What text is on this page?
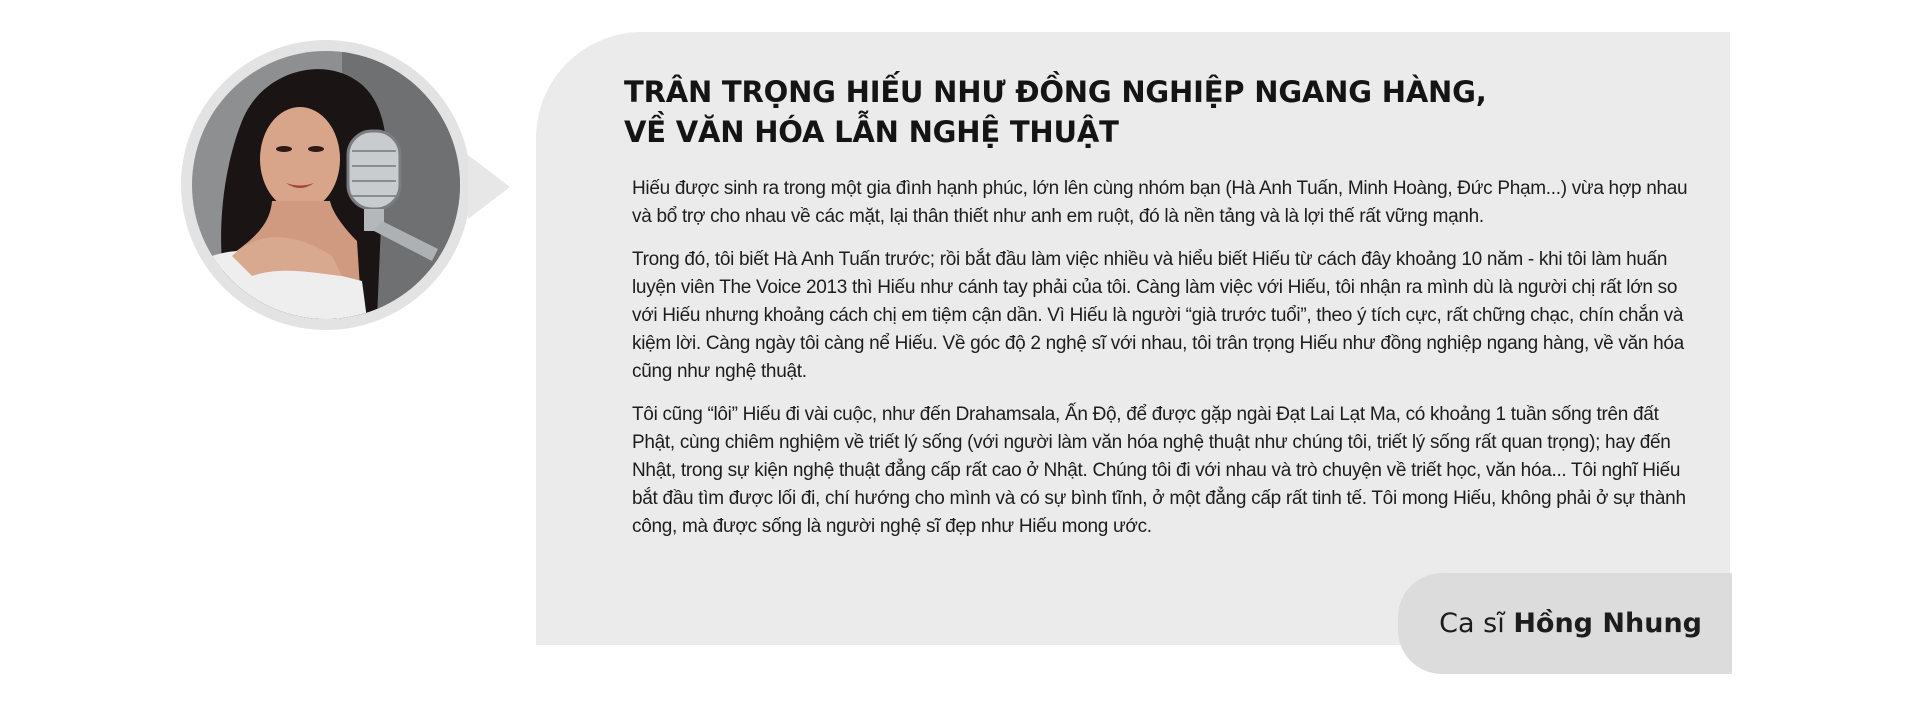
TRÂN TRỌNG HIẾU NHƯ ĐỒNG NGHIỆP NGANG HÀNG,
VỀ VĂN HÓA LẪN NGHỆ THUẬT

Hiếu được sinh ra trong một gia đình hạnh phúc, lớn lên cùng nhóm bạn (Hà Anh Tuấn, Minh Hoàng, Đức Phạm...) vừa hợp nhau và bổ trợ cho nhau về các mặt, lại thân thiết như anh em ruột, đó là nền tảng và là lợi thế rất vững mạnh.

Trong đó, tôi biết Hà Anh Tuấn trước; rồi bắt đầu làm việc nhiều và hiểu biết Hiếu từ cách đây khoảng 10 năm - khi tôi làm huấn luyện viên The Voice 2013 thì Hiếu như cánh tay phải của tôi. Càng làm việc với Hiếu, tôi nhận ra mình dù là người chị rất lớn so với Hiếu nhưng khoảng cách chị em tiệm cận dần. Vì Hiếu là người “già trước tuổi”, theo ý tích cực, rất chững chạc, chín chắn và kiệm lời. Càng ngày tôi càng nể Hiếu. Về góc độ 2 nghệ sĩ với nhau, tôi trân trọng Hiếu như đồng nghiệp ngang hàng, về văn hóa cũng như nghệ thuật.

Tôi cũng “lôi” Hiếu đi vài cuộc, như đến Drahamsala, Ấn Độ, để được gặp ngài Đạt Lai Lạt Ma, có khoảng 1 tuần sống trên đất Phật, cùng chiêm nghiệm về triết lý sống (với người làm văn hóa nghệ thuật như chúng tôi, triết lý sống rất quan trọng); hay đến Nhật, trong sự kiện nghệ thuật đẳng cấp rất cao ở Nhật. Chúng tôi đi với nhau và trò chuyện về triết học, văn hóa... Tôi nghĩ Hiếu bắt đầu tìm được lối đi, chí hướng cho mình và có sự bình tĩnh, ở một đẳng cấp rất tinh tế. Tôi mong Hiếu, không phải ở sự thành công, mà được sống là người nghệ sĩ đẹp như Hiếu mong ước.

Ca sĩ Hồng Nhung
